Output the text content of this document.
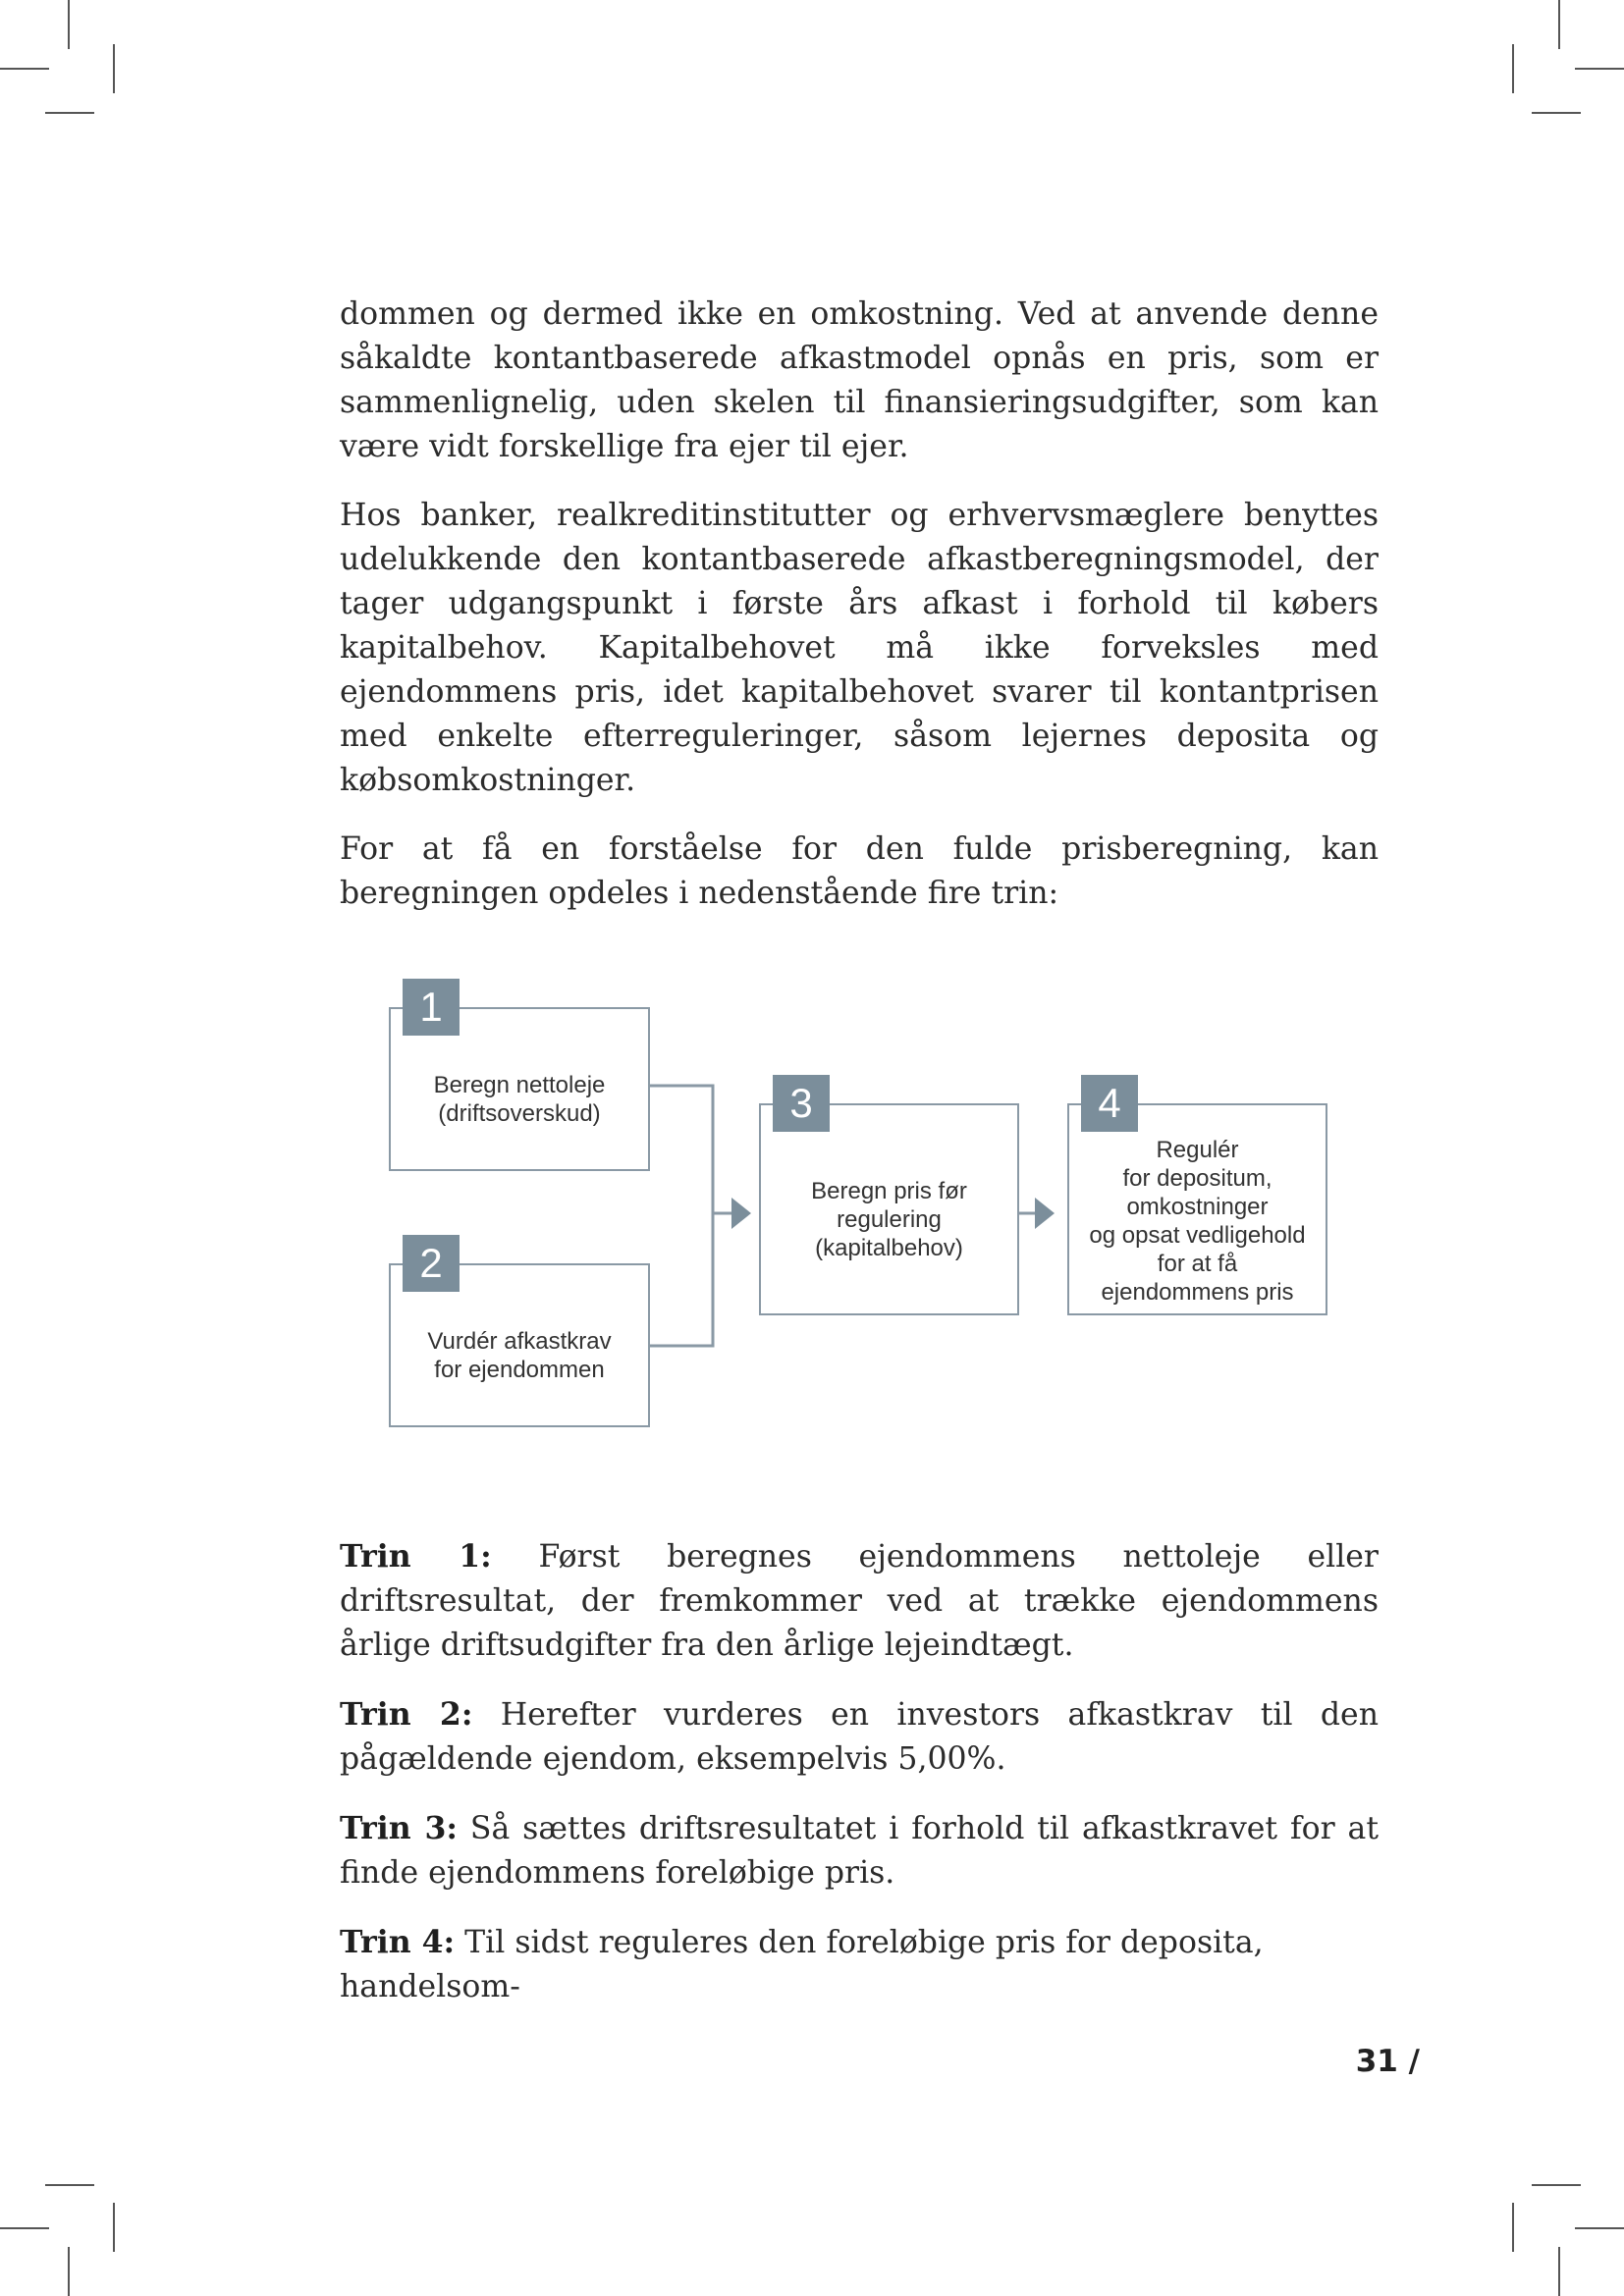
dommen og dermed ikke en omkostning. Ved at anvende denne såkaldte kontantbaserede afkastmodel opnås en pris, som er sammenlignelig, uden skelen til finansieringsudgifter, som kan være vidt forskellige fra ejer til ejer.

Hos banker, realkreditinstitutter og erhvervsmæglere benyttes udelukkende den kontantbaserede afkastberegningsmodel, der tager udgangspunkt i første års afkast i forhold til købers kapitalbehov. Kapitalbehovet må ikke forveksles med ejendommens pris, idet kapitalbehovet svarer til kontantprisen med enkelte efterreguleringer, såsom lejernes deposita og købsomkostninger.

For at få en forståelse for den fulde prisberegning, kan beregningen opdeles i nedenstående fire trin:

Beregn nettoleje
(driftsoverskud)
1
Vurdér afkastkrav
for ejendommen
2
Beregn pris før
regulering
(kapitalbehov)
3
Regulér
for depositum,
omkostninger
og opsat vedligehold
for at få
ejendommens pris
4

Trin 1: Først beregnes ejendommens nettoleje eller driftsresultat, der fremkommer ved at trække ejendommens årlige driftsudgifter fra den årlige lejeindtægt.

Trin 2: Herefter vurderes en investors afkastkrav til den pågældende ejendom, eksempelvis 5,00%.

Trin 3: Så sættes driftsresultatet i forhold til afkastkravet for at finde ejendommens foreløbige pris.

Trin 4: Til sidst reguleres den foreløbige pris for deposita, handelsom-

31 /
